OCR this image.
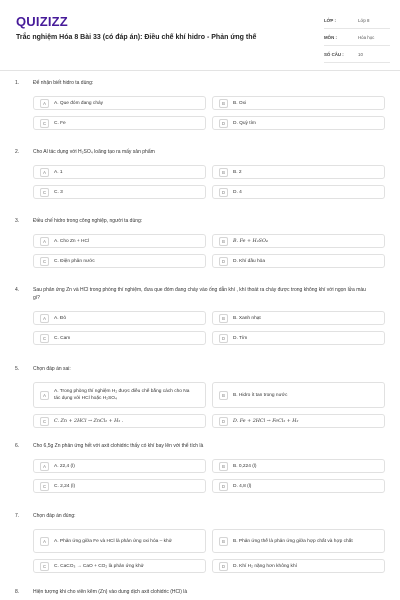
QUIZIZZ
Trắc nghiệm Hóa 8 Bài 33 (có đáp án): Điều chế khí hidro - Phản ứng thế
LỚP :	Lớp 8
MÔN :	Hóa học
SỐ CÂU :	10
1.	Để nhận biết hidro ta dùng:
A	A. Que đóm đang cháy	B	B. Oxi
C	C. Fe	D	D. Quỳ tím
2.	Cho Al tác dụng với H₂SO₄ loãng tạo ra mấy sản phẩm
A	A. 1	B	B. 2
C	C. 3	D	D. 4
3.	Điều chế hidro trong công nghiệp, người ta dùng:
A	A. Cho Zn + HCl	B	B. Fe + H₂SO₄
C	C. Điện phân nước	D	D. Khí dầu hỏa
4.	Sau phản ứng Zn và HCl trong phòng thí nghiệm, đưa que đóm đang cháy vào ống dẫn khí , khí thoát ra cháy được trong không khí với ngọn lửa màu gì?
A	A. Đỏ	B	B. Xanh nhạt
C	C. Cam	D	D. Tím
5.	Chọn đáp án sai:
A
A. Trong phòng thí nghiệm H₂ được điều chế bằng cách cho Na tác dụng với HCl hoặc H₂SO₄
B	B. Hidro ít tan trong nước
C	C. Zn + 2HCl → ZnCl₂ + H₂ .	D	D. Fe + 2HCl → FeCl₂ + H₂
6.	Cho 6,5g Zn phản ứng hết với axit clohidric thấy có khí bay lên với thể tích là
A	A. 22,4 (l)	B	B. 0,224 (l)
C	C. 2,24 (l)	D	D. 4,8 (l)
7.	Chọn đáp án đúng:
A	A. Phản ứng giữa Fe và HCl là phản ứng oxi hóa – khử	B	B. Phản ứng thế là phản ứng giữa hợp chất và hợp chất
C	C. CaCO₃ → CaO + CO₂ là phản ứng khử	D	D. Khí H₂ nặng hơn không khí
8.	Hiện tượng khi cho viên kẽm (Zn) vào dung dịch axit clohidric (HCl) là
